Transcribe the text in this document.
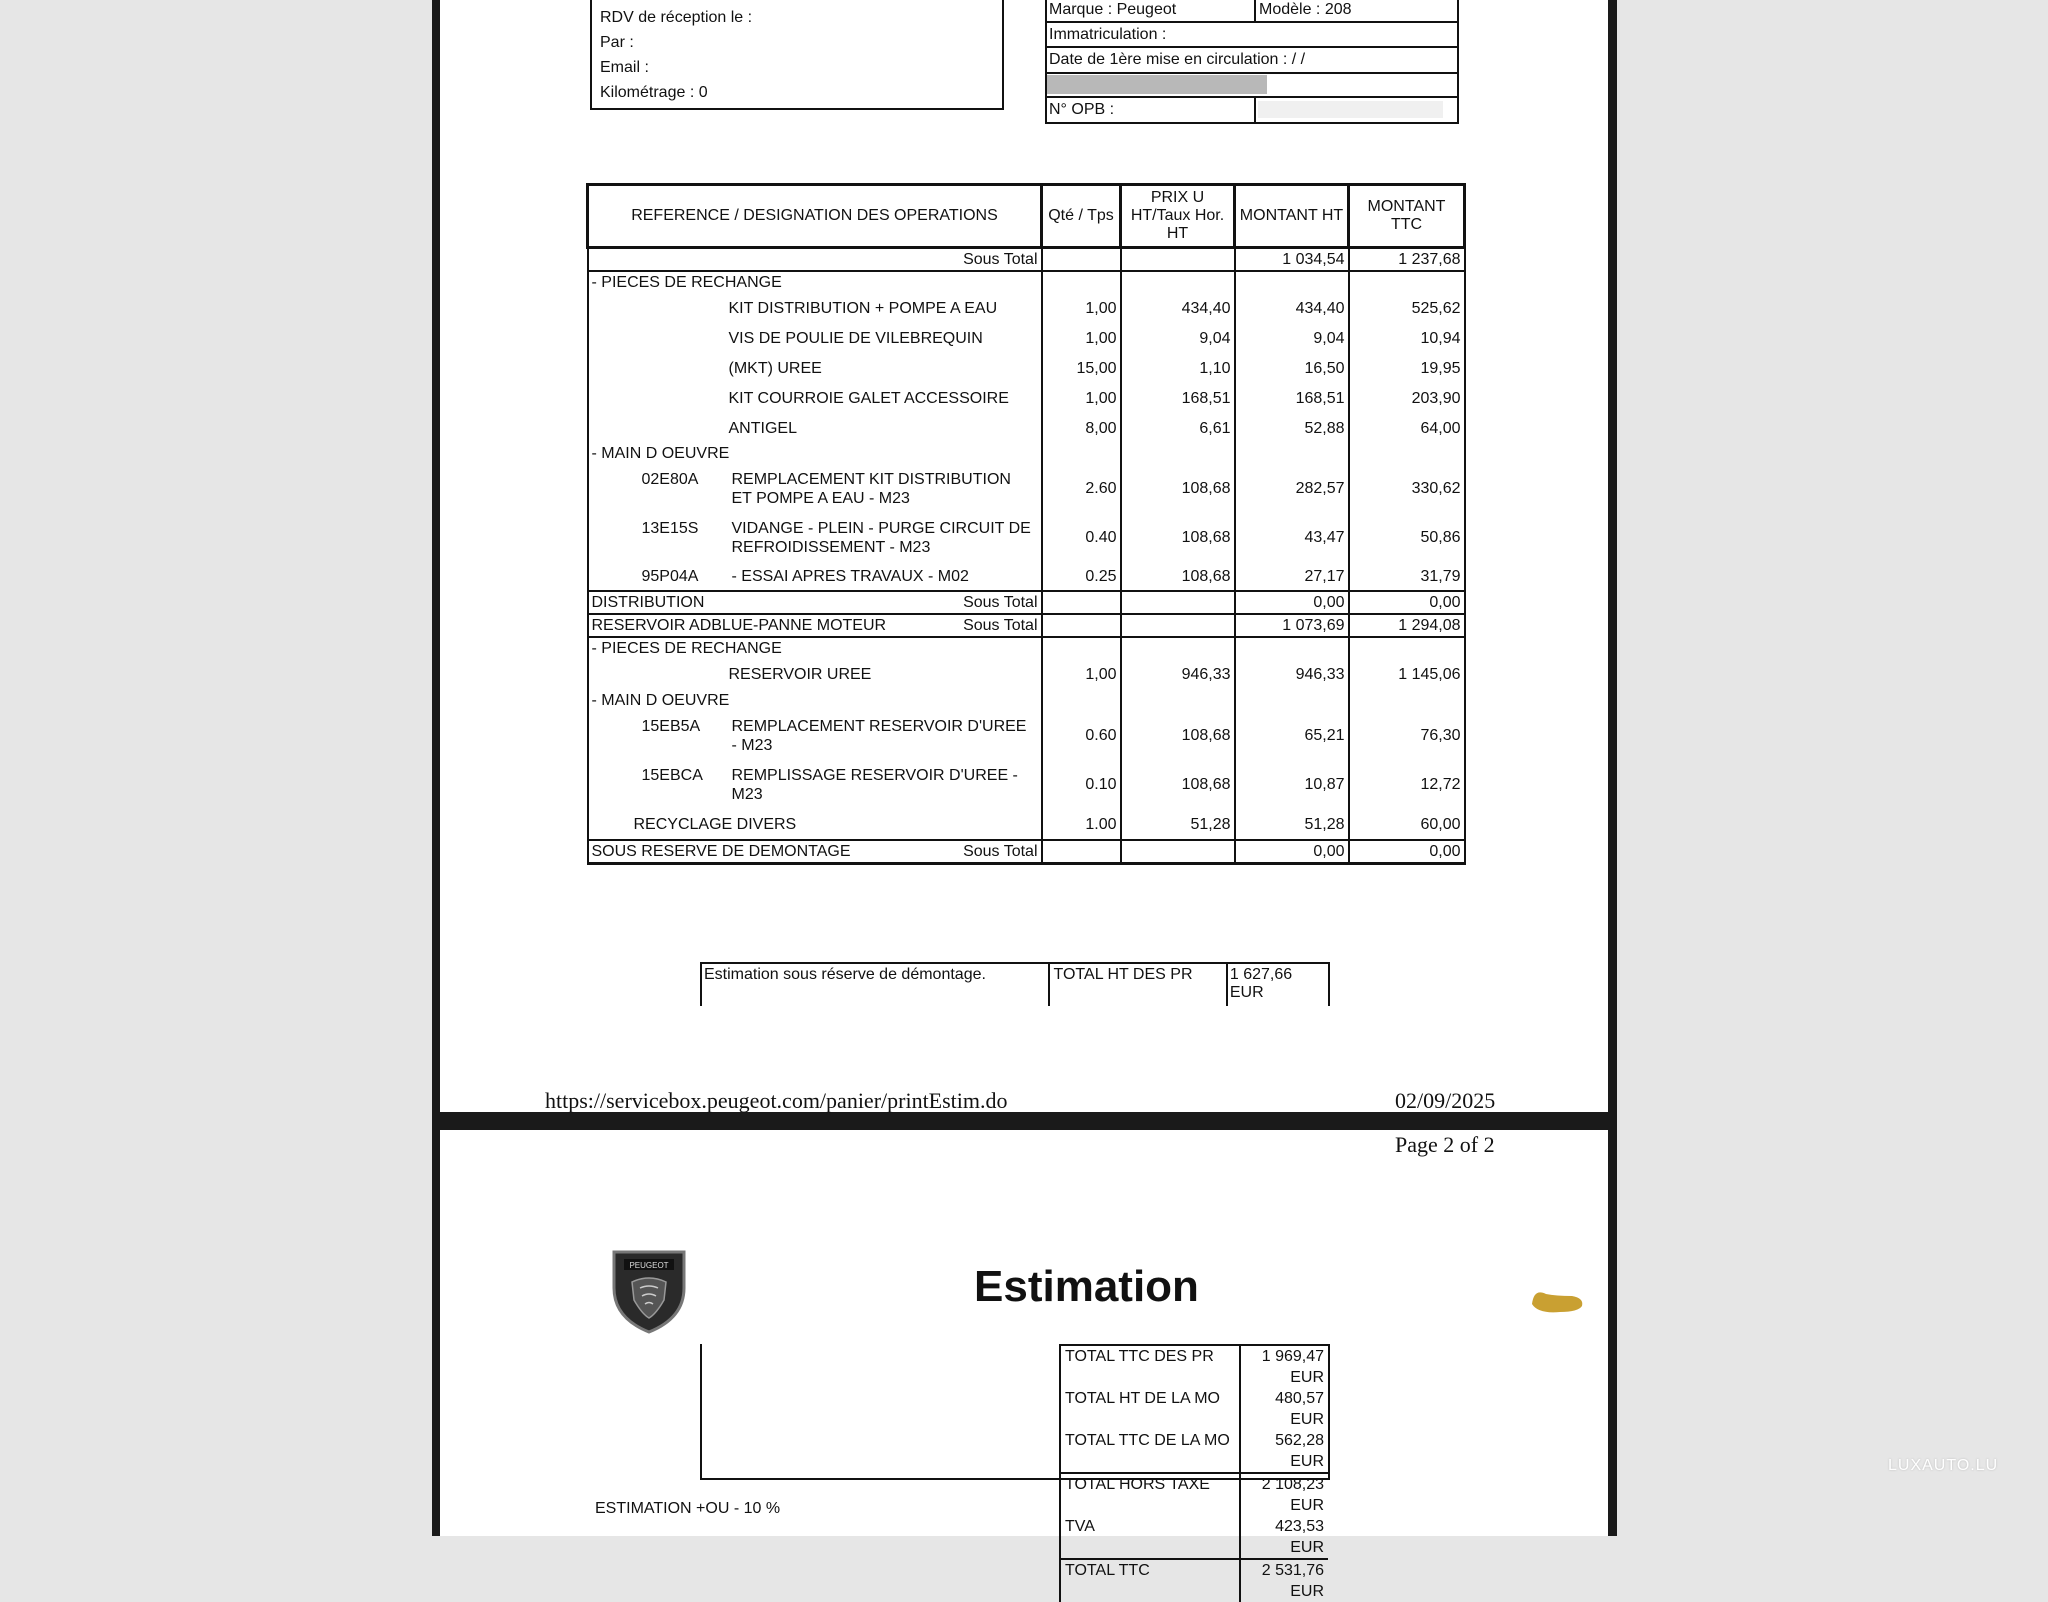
RDV de réception le :
Par :
Email :
Kilométrage : 0
Marque : Peugeot	Modèle : 208
Immatriculation :
Date de 1ère mise en circulation : / /
N° OPB :
REFERENCE / DESIGNATION DES OPERATIONS	Qté / Tps	PRIX U HT/Taux Hor. HT	MONTANT HT	MONTANT TTC
Sous Total			1 034,54	1 237,68
- PIECES DE RECHANGE				
KIT DISTRIBUTION + POMPE A EAU	1,00	434,40	434,40	525,62
VIS DE POULIE DE VILEBREQUIN	1,00	9,04	9,04	10,94
(MKT) UREE	15,00	1,10	16,50	19,95
KIT COURROIE GALET ACCESSOIRE	1,00	168,51	168,51	203,90
ANTIGEL	8,00	6,61	52,88	64,00
- MAIN D OEUVRE				
02E80A REMPLACEMENT KIT DISTRIBUTION ET POMPE A EAU - M23	2.60	108,68	282,57	330,62
13E15S VIDANGE - PLEIN - PURGE CIRCUIT DE REFROIDISSEMENT - M23	0.40	108,68	43,47	50,86
95P04A - ESSAI APRES TRAVAUX - M02	0.25	108,68	27,17	31,79

DISTRIBUTION Sous Total			0,00	0,00

RESERVOIR ADBLUE-PANNE MOTEUR Sous Total			1 073,69	1 294,08
- PIECES DE RECHANGE				
RESERVOIR UREE	1,00	946,33	946,33	1 145,06
- MAIN D OEUVRE				
15EB5A REMPLACEMENT RESERVOIR D'UREE - M23	0.60	108,68	65,21	76,30
15EBCA REMPLISSAGE RESERVOIR D'UREE - M23	0.10	108,68	10,87	12,72
RECYCLAGE DIVERS	1.00	51,28	51,28	60,00

SOUS RESERVE DE DEMONTAGE Sous Total			0,00	0,00
Estimation sous réserve de démontage.	TOTAL HT DES PR	1 627,66 EUR
https://servicebox.peugeot.com/panier/printEstim.do	02/09/2025
Page 2 of 2
PEUGEOT	Estimation
TOTAL TTC DES PR	1 969,47 EUR
TOTAL HT DE LA MO	480,57 EUR
TOTAL TTC DE LA MO	562,28 EUR
TOTAL HORS TAXE	2 108,23 EUR
TVA	423,53 EUR
TOTAL TTC	2 531,76 EUR
ESTIMATION +OU - 10 %
LUXAUTO.LU
